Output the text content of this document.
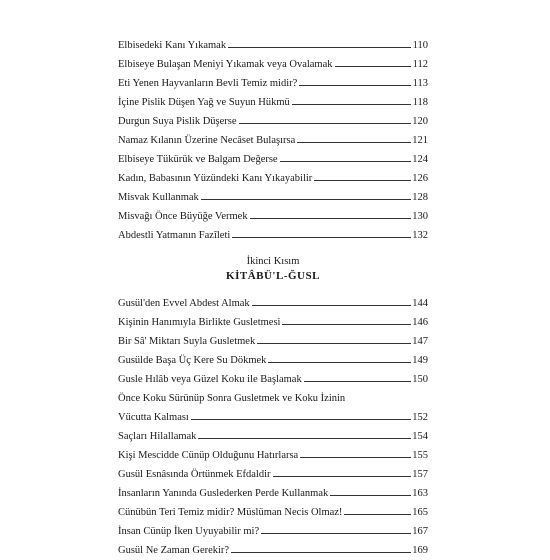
Elbisedeki Kanı Yıkamak	110
Elbiseye Bulaşan Meniyi Yıkamak veya Ovalamak	112
Eti Yenen Hayvanların Bevli Temiz midir?	113
İçine Pislik Düşen Yağ ve Suyun Hükmü	118
Durgun Suya Pislik Düşerse	120
Namaz Kılanın Üzerine Necâset Bulaşırsa	121
Elbiseye Tükürük ve Balgam Değerse	124
Kadın, Babasının Yüzündeki Kanı Yıkayabilir	126
Misvak Kullanmak	128
Misvağı Önce Büyüğe Vermek	130
Abdestli Yatmanın Fazîleti	132
İkinci Kısım
KİTÂBÜ'L-ĞUSL
Gusül'den Evvel Abdest Almak	144
Kişinin Hanımıyla Birlikte Gusletmesi	146
Bir Sâ' Miktarı Suyla Gusletmek	147
Gusülde Başa Üç Kere Su Dökmek	149
Gusle Hılâb veya Güzel Koku ile Başlamak	150
Önce Koku Sürünüp Sonra Gusletmek ve Koku İzinin
Vücutta Kalması	152
Saçları Hilallamak	154
Kişi Mescidde Cünüp Olduğunu Hatırlarsa	155
Gusül Esnâsında Örtünmek Efdaldir	157
İnsanların Yanında Guslederken Perde Kullanmak	163
Cünübün Teri Temiz midir? Müslüman Necis Olmaz!	165
İnsan Cünüp İken Uyuyabilir mi?	167
Gusül Ne Zaman Gerekir?	169
